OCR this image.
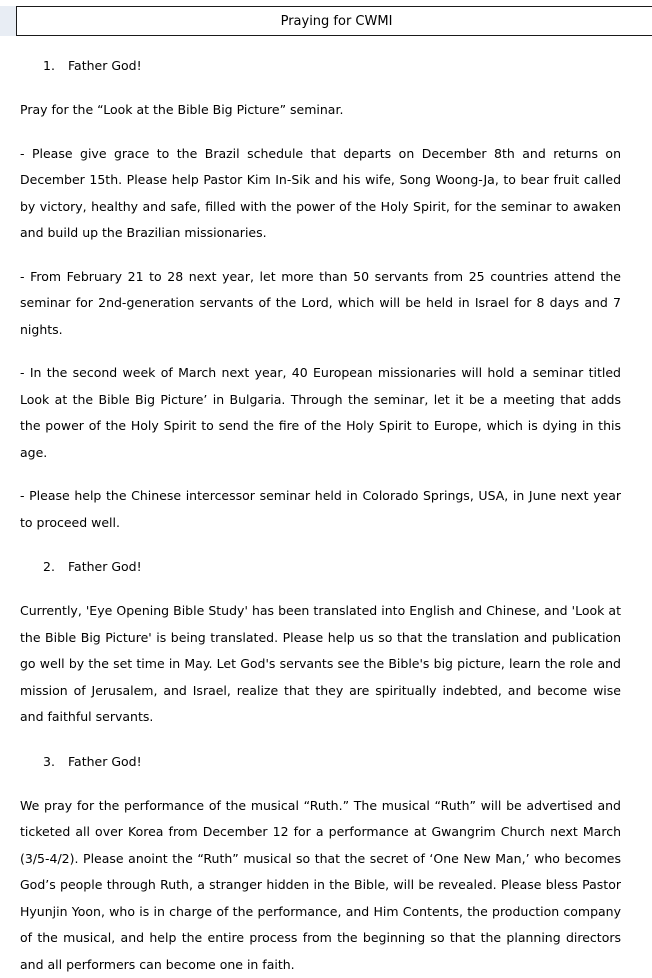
Praying for CWMI
1. Father God!

Pray for the “Look at the Bible Big Picture” seminar.

- Please give grace to the Brazil schedule that departs on December 8th and returns on December 15th. Please help Pastor Kim In-Sik and his wife, Song Woong-Ja, to bear fruit called by victory, healthy and safe, filled with the power of the Holy Spirit, for the seminar to awaken and build up the Brazilian missionaries.

- From February 21 to 28 next year, let more than 50 servants from 25 countries attend the seminar for 2nd-generation servants of the Lord, which will be held in Israel for 8 days and 7 nights.

- In the second week of March next year, 40 European missionaries will hold a seminar titled Look at the Bible Big Picture’ in Bulgaria. Through the seminar, let it be a meeting that adds the power of the Holy Spirit to send the fire of the Holy Spirit to Europe, which is dying in this age.

- Please help the Chinese intercessor seminar held in Colorado Springs, USA, in June next year to proceed well.

2. Father God!

Currently, 'Eye Opening Bible Study' has been translated into English and Chinese, and 'Look at the Bible Big Picture' is being translated. Please help us so that the translation and publication go well by the set time in May. Let God's servants see the Bible's big picture, learn the role and mission of Jerusalem, and Israel, realize that they are spiritually indebted, and become wise and faithful servants.

3. Father God!

We pray for the performance of the musical “Ruth.” The musical “Ruth” will be advertised and ticketed all over Korea from December 12 for a performance at Gwangrim Church next March (3/5-4/2). Please anoint the “Ruth” musical so that the secret of ‘One New Man,’ who becomes God’s people through Ruth, a stranger hidden in the Bible, will be revealed. Please bless Pastor Hyunjin Yoon, who is in charge of the performance, and Him Contents, the production company of the musical, and help the entire process from the beginning so that the planning directors and all performers can become one in faith.
